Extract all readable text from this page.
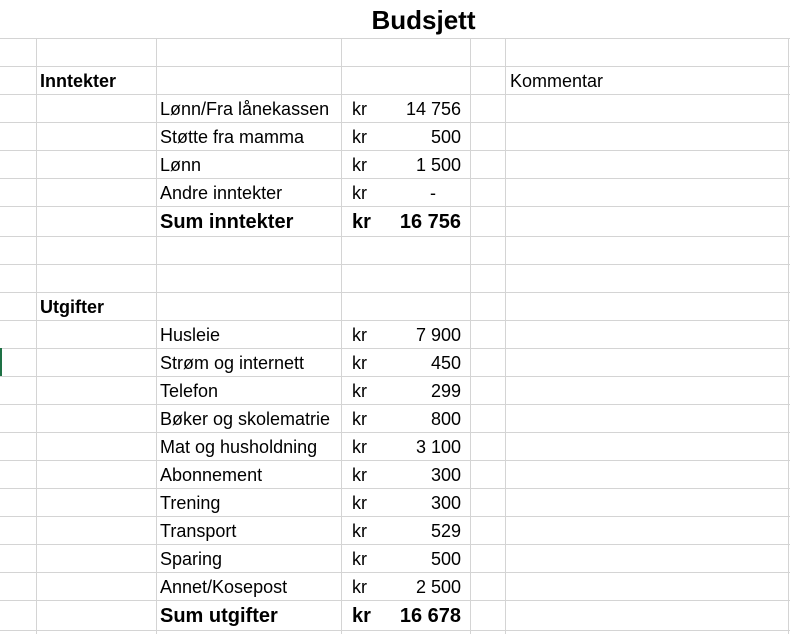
Budsjett
Inntekter	Kommentar
Lønn/Fra lånekassen kr	14 756
Støtte fra mamma	kr	500
Lønn	kr	1 500
Andre inntekter	kr	-
Sum inntekter	kr	16 756
Utgifter
Husleie	kr	7 900
Strøm og internett	kr	450
Telefon	kr	299
Bøker og skolematrie kr	800
Mat og husholdning kr	3 100
Abonnement	kr	300
Trening	kr	300
Transport	kr	529
Sparing	kr	500
Annet/Kosepost	kr	2 500
Sum utgifter	kr	16 678
